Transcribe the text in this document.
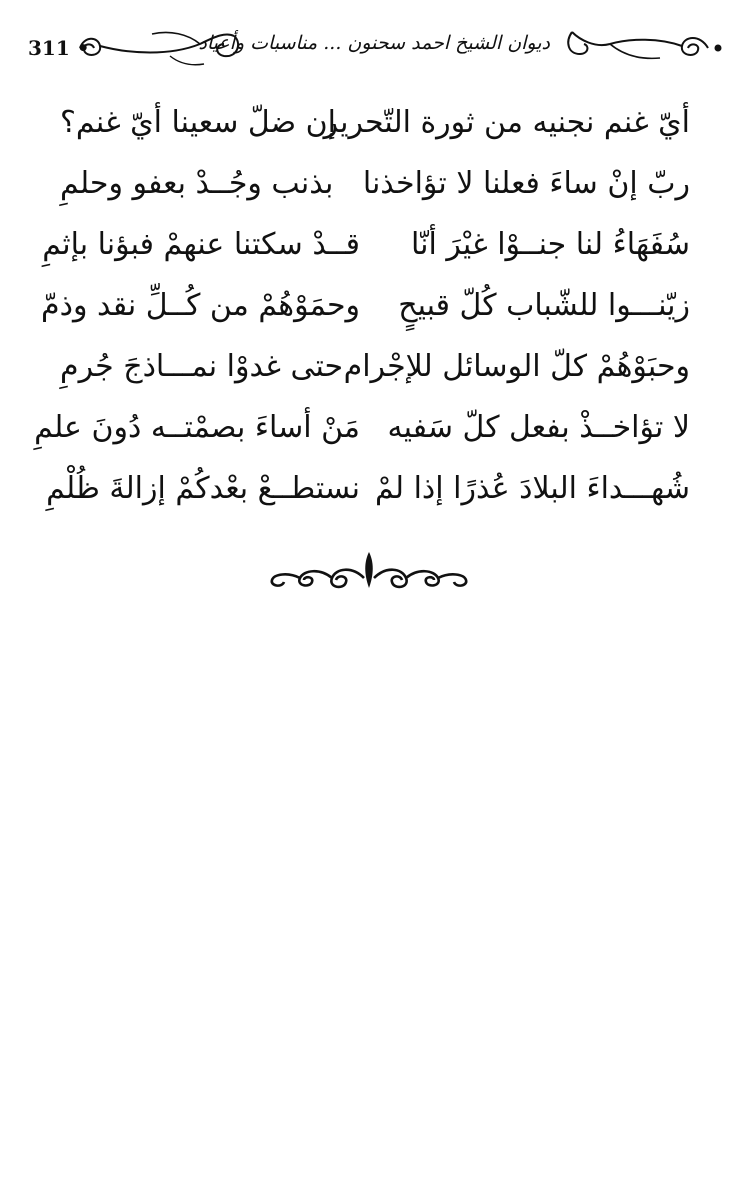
311 •	ديوان الشيخ احمد سحنون ... مناسبات وأعياد
أيّ غنم نجنيه من ثورة التّحرير
إن ضلّ سعينا أيّ غنم؟
ربّ إنْ ساءَ فعلنا لا تؤاخذنا
بذنب وجُــدْ بعفو وحلمِ
سُفَهَاءُ لنا جنــوْا غيْرَ أنّا
قــدْ سكتنا عنهمْ فبؤنا بإثمِ
زيّنـــوا للشّباب كُلّ قبيحٍ
وحمَوْهُمْ من كُــلِّ نقد وذمّ
وحبَوْهُمْ كلّ الوسائل للإجْرام
حتى غدوْا نمـــاذجَ جُرمِ
لا تؤاخــذْ بفعل كلّ سَفيه
مَنْ أساءَ بصمْتــه دُونَ علمِ
شُهـــداءَ البلادَ عُذرًا إذا لمْ
نستطــعْ بعْدكُمْ إزالةَ ظُلْمِ
